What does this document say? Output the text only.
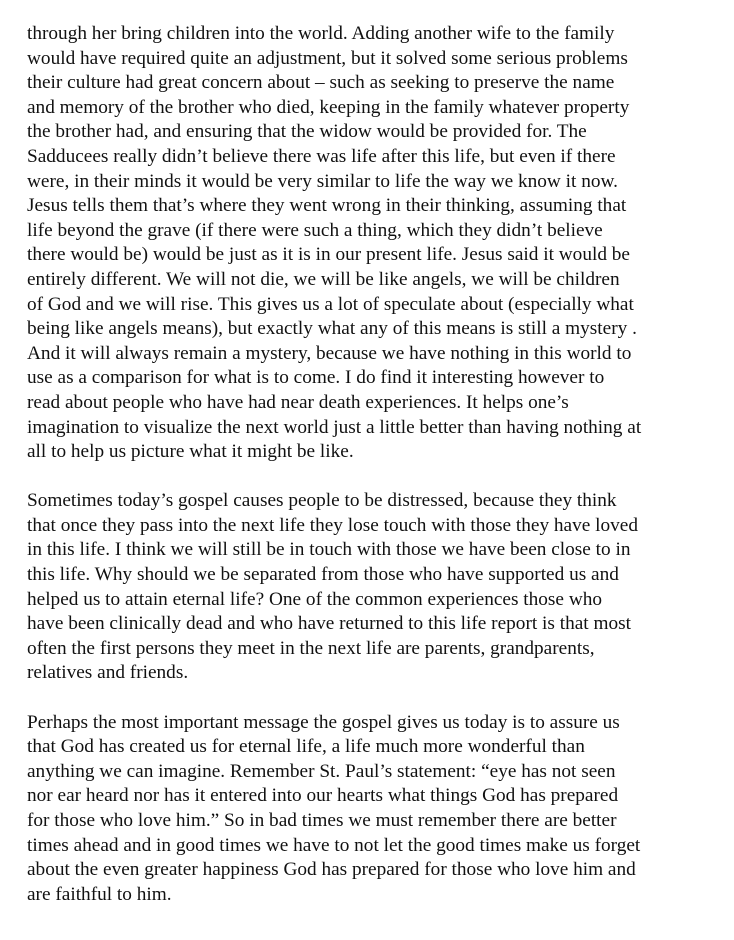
through her bring children into the world. Adding another wife to the family
would have required quite an adjustment, but it solved some serious problems
their culture had great concern about – such as seeking to preserve the name
and memory of the brother who died, keeping in the family whatever property
the brother had, and ensuring that the widow would be provided for. The
Sadducees really didn’t believe there was life after this life, but even if there
were, in their minds it would be very similar to life the way we know it now.
Jesus tells them that’s where they went wrong in their thinking, assuming that
life beyond the grave (if there were such a thing, which they didn’t believe
there would be) would be just as it is in our present life. Jesus said it would be
entirely different. We will not die, we will be like angels, we will be children
of God and we will rise. This gives us a lot of speculate about (especially what
being like angels means), but exactly what any of this means is still a mystery .
And it will always remain a mystery, because we have nothing in this world to
use as a comparison for what is to come. I do find it interesting however to
read about people who have had near death experiences. It helps one’s
imagination to visualize the next world just a little better than having nothing at
all to help us picture what it might be like.
Sometimes today’s gospel causes people to be distressed, because they think
that once they pass into the next life they lose touch with those they have loved
in this life. I think we will still be in touch with those we have been close to in
this life. Why should we be separated from those who have supported us and
helped us to attain eternal life? One of the common experiences those who
have been clinically dead and who have returned to this life report is that most
often the first persons they meet in the next life are parents, grandparents,
relatives and friends.
Perhaps the most important message the gospel gives us today is to assure us
that God has created us for eternal life, a life much more wonderful than
anything we can imagine. Remember St. Paul’s statement: “eye has not seen
nor ear heard nor has it entered into our hearts what things God has prepared
for those who love him.” So in bad times we must remember there are better
times ahead and in good times we have to not let the good times make us forget
about the even greater happiness God has prepared for those who love him and
are faithful to him.
